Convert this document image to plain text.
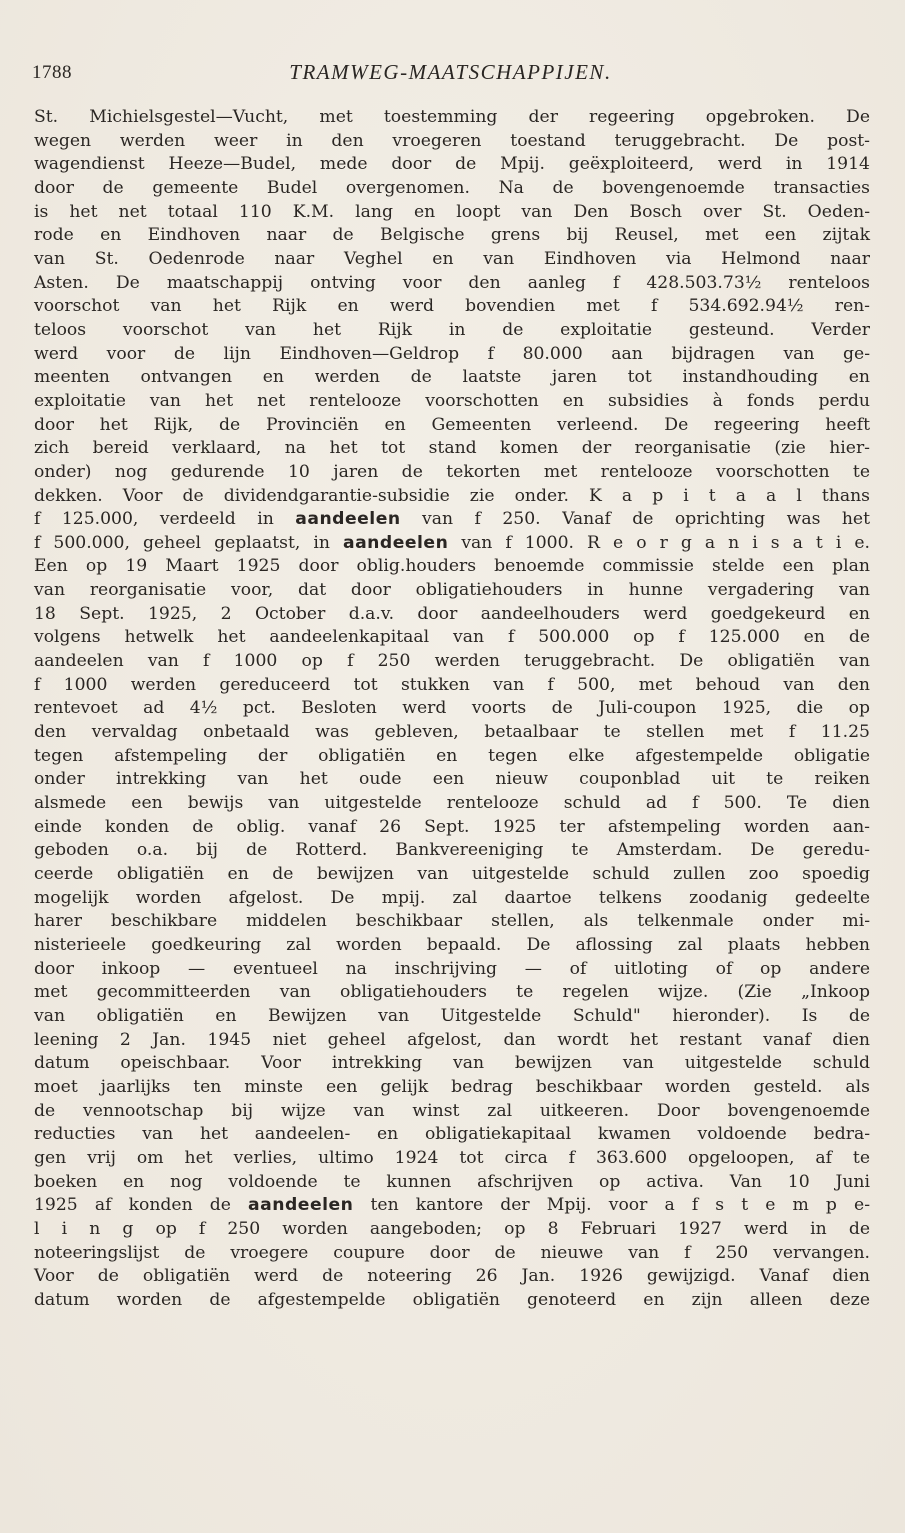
1788	TRAMWEG-MAATSCHAPPIJEN.
St. Michielsgestel—Vucht, met toestemming der regeering opgebroken. De
wegen werden weer in den vroegeren toestand teruggebracht. De post-
wagendienst Heeze—Budel, mede door de Mpij. geëxploiteerd, werd in 1914
door de gemeente Budel overgenomen. Na de bovengenoemde transacties
is het net totaal 110 K.M. lang en loopt van Den Bosch over St. Oeden-
rode en Eindhoven naar de Belgische grens bij Reusel, met een zijtak
van St. Oedenrode naar Veghel en van Eindhoven via Helmond naar
Asten. De maatschappij ontving voor den aanleg f 428.503.73½ renteloos
voorschot van het Rijk en werd bovendien met f 534.692.94½ ren-
teloos voorschot van het Rijk in de exploitatie gesteund. Verder
werd voor de lijn Eindhoven—Geldrop f 80.000 aan bijdragen van ge-
meenten ontvangen en werden de laatste jaren tot instandhouding en
exploitatie van het net rentelooze voorschotten en subsidies à fonds perdu
door het Rijk, de Provinciën en Gemeenten verleend. De regeering heeft
zich bereid verklaard, na het tot stand komen der reorganisatie (zie hier-
onder) nog gedurende 10 jaren de tekorten met rentelooze voorschotten te
dekken. Voor de dividendgarantie-subsidie zie onder. K a p i t a a l thans
f 125.000, verdeeld in aandeelen van f 250. Vanaf de oprichting was het
f 500.000, geheel geplaatst, in aandeelen van f 1000. R e o r g a n i s a t i e.
Een op 19 Maart 1925 door oblig.houders benoemde commissie stelde een plan
van reorganisatie voor, dat door obligatiehouders in hunne vergadering van
18 Sept. 1925, 2 October d.a.v. door aandeelhouders werd goedgekeurd en
volgens hetwelk het aandeelenkapitaal van f 500.000 op f 125.000 en de
aandeelen van f 1000 op f 250 werden teruggebracht. De obligatiën van
f 1000 werden gereduceerd tot stukken van f 500, met behoud van den
rentevoet ad 4½ pct. Besloten werd voorts de Juli-coupon 1925, die op
den vervaldag onbetaald was gebleven, betaalbaar te stellen met f 11.25
tegen afstempeling der obligatiën en tegen elke afgestempelde obligatie
onder intrekking van het oude een nieuw couponblad uit te reiken
alsmede een bewijs van uitgestelde rentelooze schuld ad f 500. Te dien
einde konden de oblig. vanaf 26 Sept. 1925 ter afstempeling worden aan-
geboden o.a. bij de Rotterd. Bankvereeniging te Amsterdam. De geredu-
ceerde obligatiën en de bewijzen van uitgestelde schuld zullen zoo spoedig
mogelijk worden afgelost. De mpij. zal daartoe telkens zoodanig gedeelte
harer beschikbare middelen beschikbaar stellen, als telkenmale onder mi-
nisterieele goedkeuring zal worden bepaald. De aflossing zal plaats hebben
door inkoop — eventueel na inschrijving — of uitloting of op andere
met gecommitteerden van obligatiehouders te regelen wijze. (Zie „Inkoop
van obligatiën en Bewijzen van Uitgestelde Schuld" hieronder). Is de
leening 2 Jan. 1945 niet geheel afgelost, dan wordt het restant vanaf dien
datum opeischbaar. Voor intrekking van bewijzen van uitgestelde schuld
moet jaarlijks ten minste een gelijk bedrag beschikbaar worden gesteld. als
de vennootschap bij wijze van winst zal uitkeeren. Door bovengenoemde
reducties van het aandeelen- en obligatiekapitaal kwamen voldoende bedra-
gen vrij om het verlies, ultimo 1924 tot circa f 363.600 opgeloopen, af te
boeken en nog voldoende te kunnen afschrijven op activa. Van 10 Juni
1925 af konden de aandeelen ten kantore der Mpij. voor a f s t e m p e-
l i n g op f 250 worden aangeboden; op 8 Februari 1927 werd in de
noteeringslijst de vroegere coupure door de nieuwe van f 250 vervangen.
Voor de obligatiën werd de noteering 26 Jan. 1926 gewijzigd. Vanaf dien
datum worden de afgestempelde obligatiën genoteerd en zijn alleen deze
